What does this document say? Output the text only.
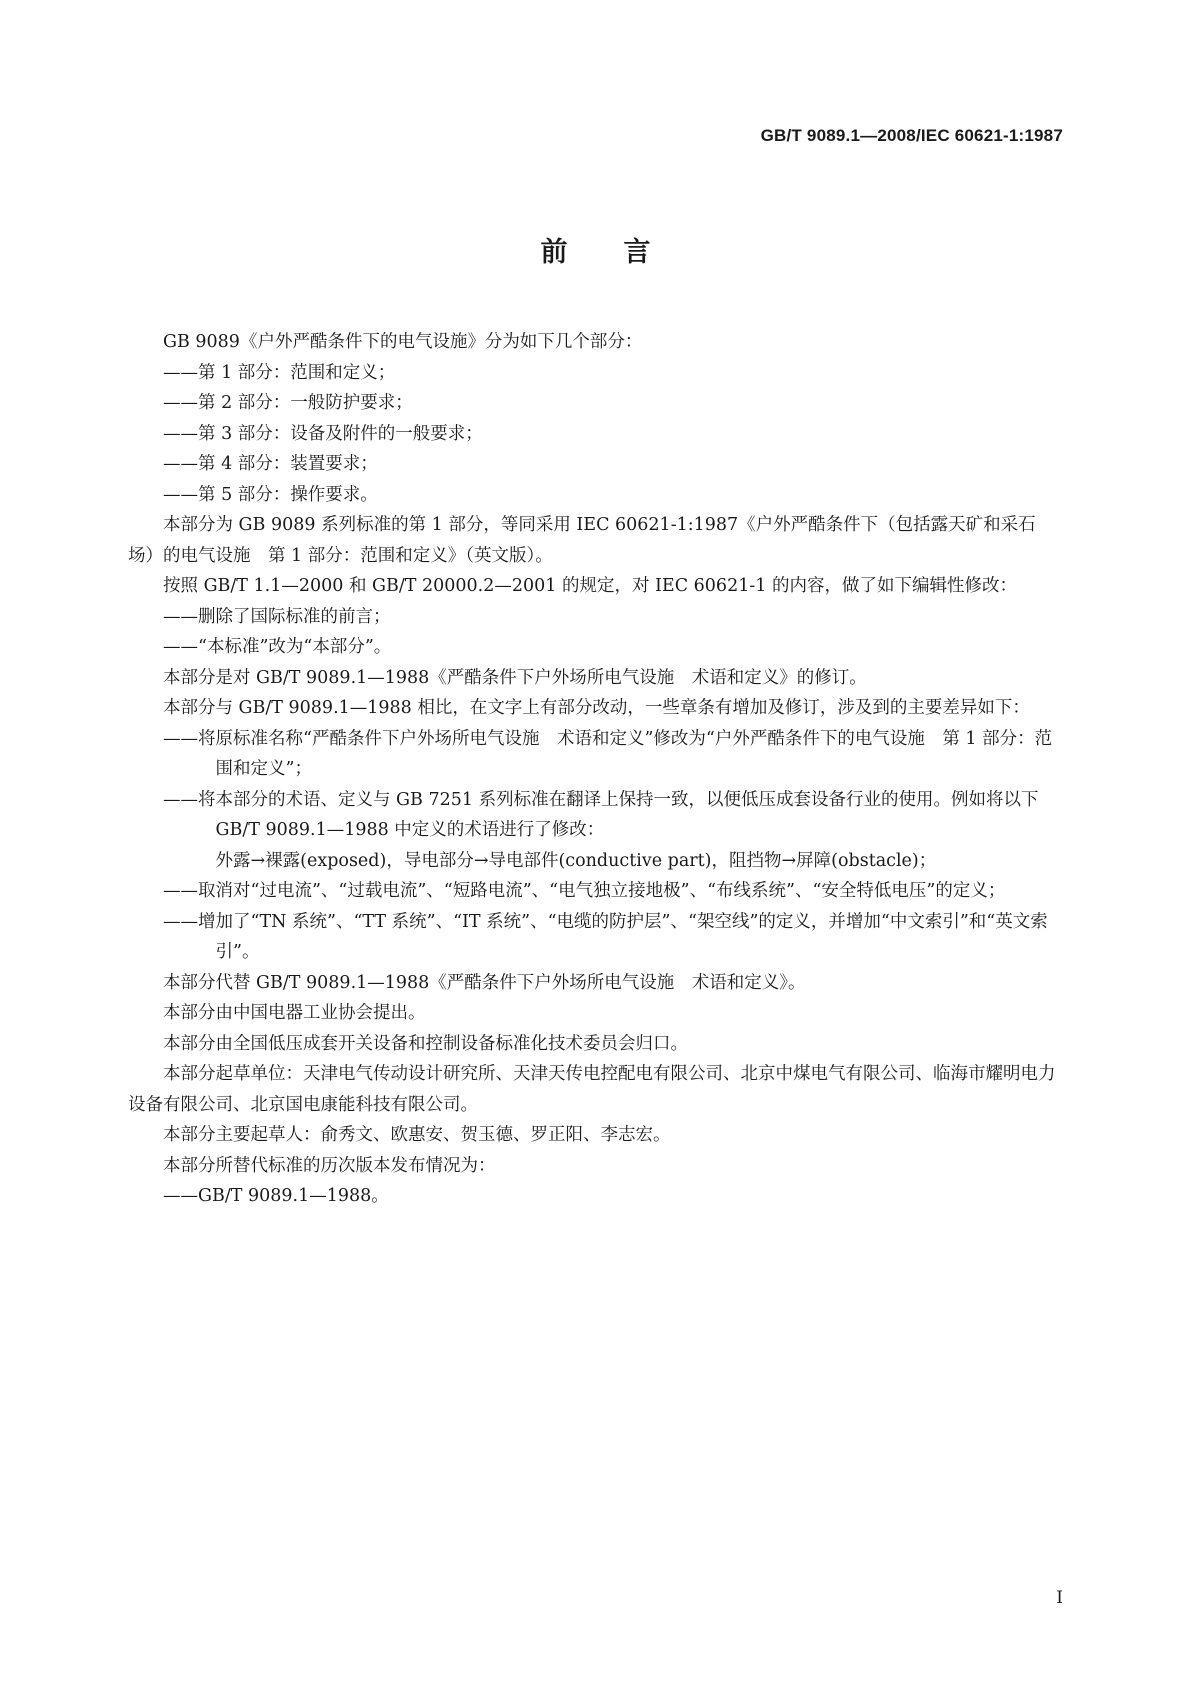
GB/T 9089.1—2008/IEC 60621-1:1987
前言

GB 9089《户外严酷条件下的电气设施》分为如下几个部分：

——第 1 部分：范围和定义；

——第 2 部分：一般防护要求；

——第 3 部分：设备及附件的一般要求；

——第 4 部分：装置要求；

——第 5 部分：操作要求。

本部分为 GB 9089 系列标准的第 1 部分，等同采用 IEC 60621-1:1987《户外严酷条件下（包括露天矿和采石场）的电气设施　第 1 部分：范围和定义》（英文版）。

按照 GB/T 1.1—2000 和 GB/T 20000.2—2001 的规定，对 IEC 60621-1 的内容，做了如下编辑性修改：

——删除了国际标准的前言；

——“本标准”改为“本部分”。

本部分是对 GB/T 9089.1—1988《严酷条件下户外场所电气设施　术语和定义》的修订。

本部分与 GB/T 9089.1—1988 相比，在文字上有部分改动，一些章条有增加及修订，涉及到的主要差异如下：

——将原标准名称“严酷条件下户外场所电气设施　术语和定义”修改为“户外严酷条件下的电气设施　第 1 部分：范围和定义”；

——将本部分的术语、定义与 GB 7251 系列标准在翻译上保持一致，以便低压成套设备行业的使用。例如将以下 GB/T 9089.1—1988 中定义的术语进行了修改：

外露→裸露(exposed)，导电部分→导电部件(conductive part)，阻挡物→屏障(obstacle)；

——取消对“过电流”、“过载电流”、“短路电流”、“电气独立接地极”、“布线系统”、“安全特低电压”的定义；

——增加了“TN 系统”、“TT 系统”、“IT 系统”、“电缆的防护层”、“架空线”的定义，并增加“中文索引”和“英文索引”。

本部分代替 GB/T 9089.1—1988《严酷条件下户外场所电气设施　术语和定义》。

本部分由中国电器工业协会提出。

本部分由全国低压成套开关设备和控制设备标准化技术委员会归口。

本部分起草单位：天津电气传动设计研究所、天津天传电控配电有限公司、北京中煤电气有限公司、临海市耀明电力设备有限公司、北京国电康能科技有限公司。

本部分主要起草人：俞秀文、欧惠安、贺玉德、罗正阳、李志宏。

本部分所替代标准的历次版本发布情况为：

——GB/T 9089.1—1988。

I
